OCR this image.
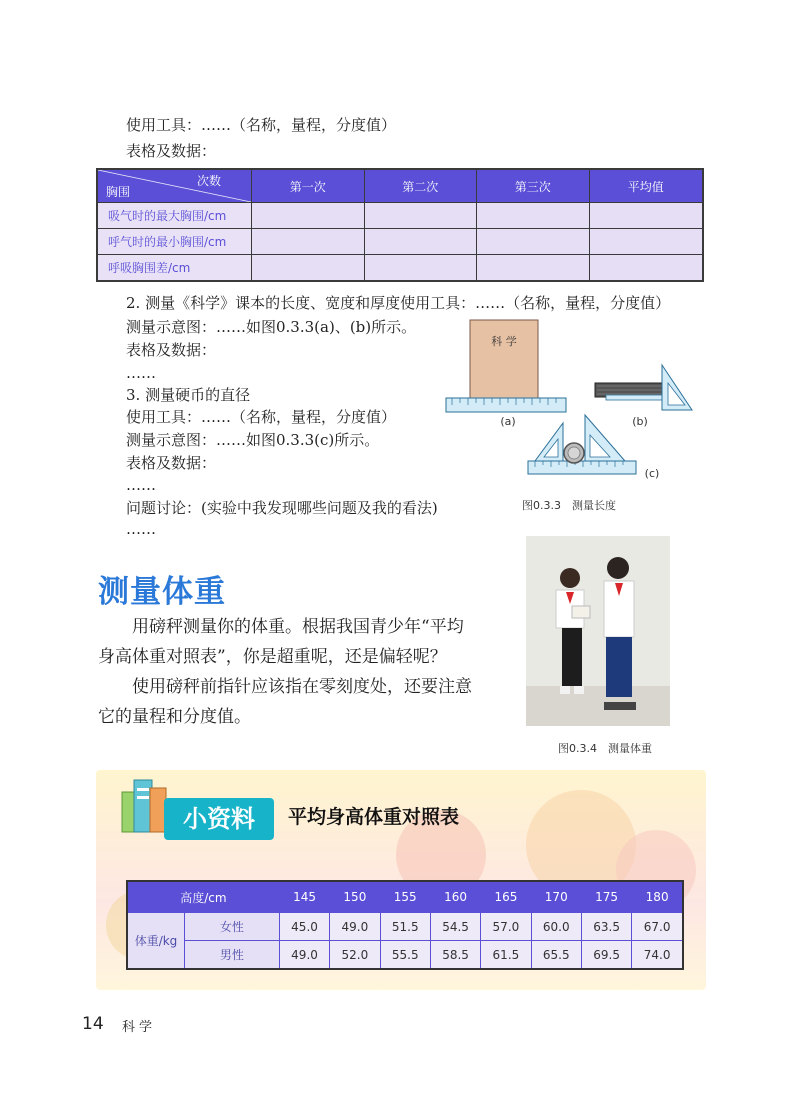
使用工具：……（名称，量程，分度值）
表格及数据：
次数
胸围	第一次	第二次	第三次	平均值
吸气时的最大胸围/cm				
呼气时的最小胸围/cm				
呼吸胸围差/cm				
2. 测量《科学》课本的长度、宽度和厚度使用工具：……（名称，量程，分度值）
测量示意图：……如图0.3.3(a)、(b)所示。
表格及数据：
……
3. 测量硬币的直径
使用工具：……（名称，量程，分度值）
测量示意图：……如图0.3.3(c)所示。
表格及数据：
……
问题讨论：(实验中我发现哪些问题及我的看法)
……
科 学
(a)	(b)
(c)
图0.3.3　测量长度
测量体重
用磅秤测量你的体重。根据我国青少年“平均
身高体重对照表”，你是超重呢，还是偏轻呢？
使用磅秤前指针应该指在零刻度处，还要注意
它的量程和分度值。
图0.3.4　测量体重
小资料	平均身高体重对照表
高度/cm		145	150	155	160	165	170	175	180
体重/kg	女性	45.0	49.0	51.5	54.5	57.0	60.0	63.5	67.0
	男性	49.0	52.0	55.5	58.5	61.5	65.5	69.5	74.0
14 科学
